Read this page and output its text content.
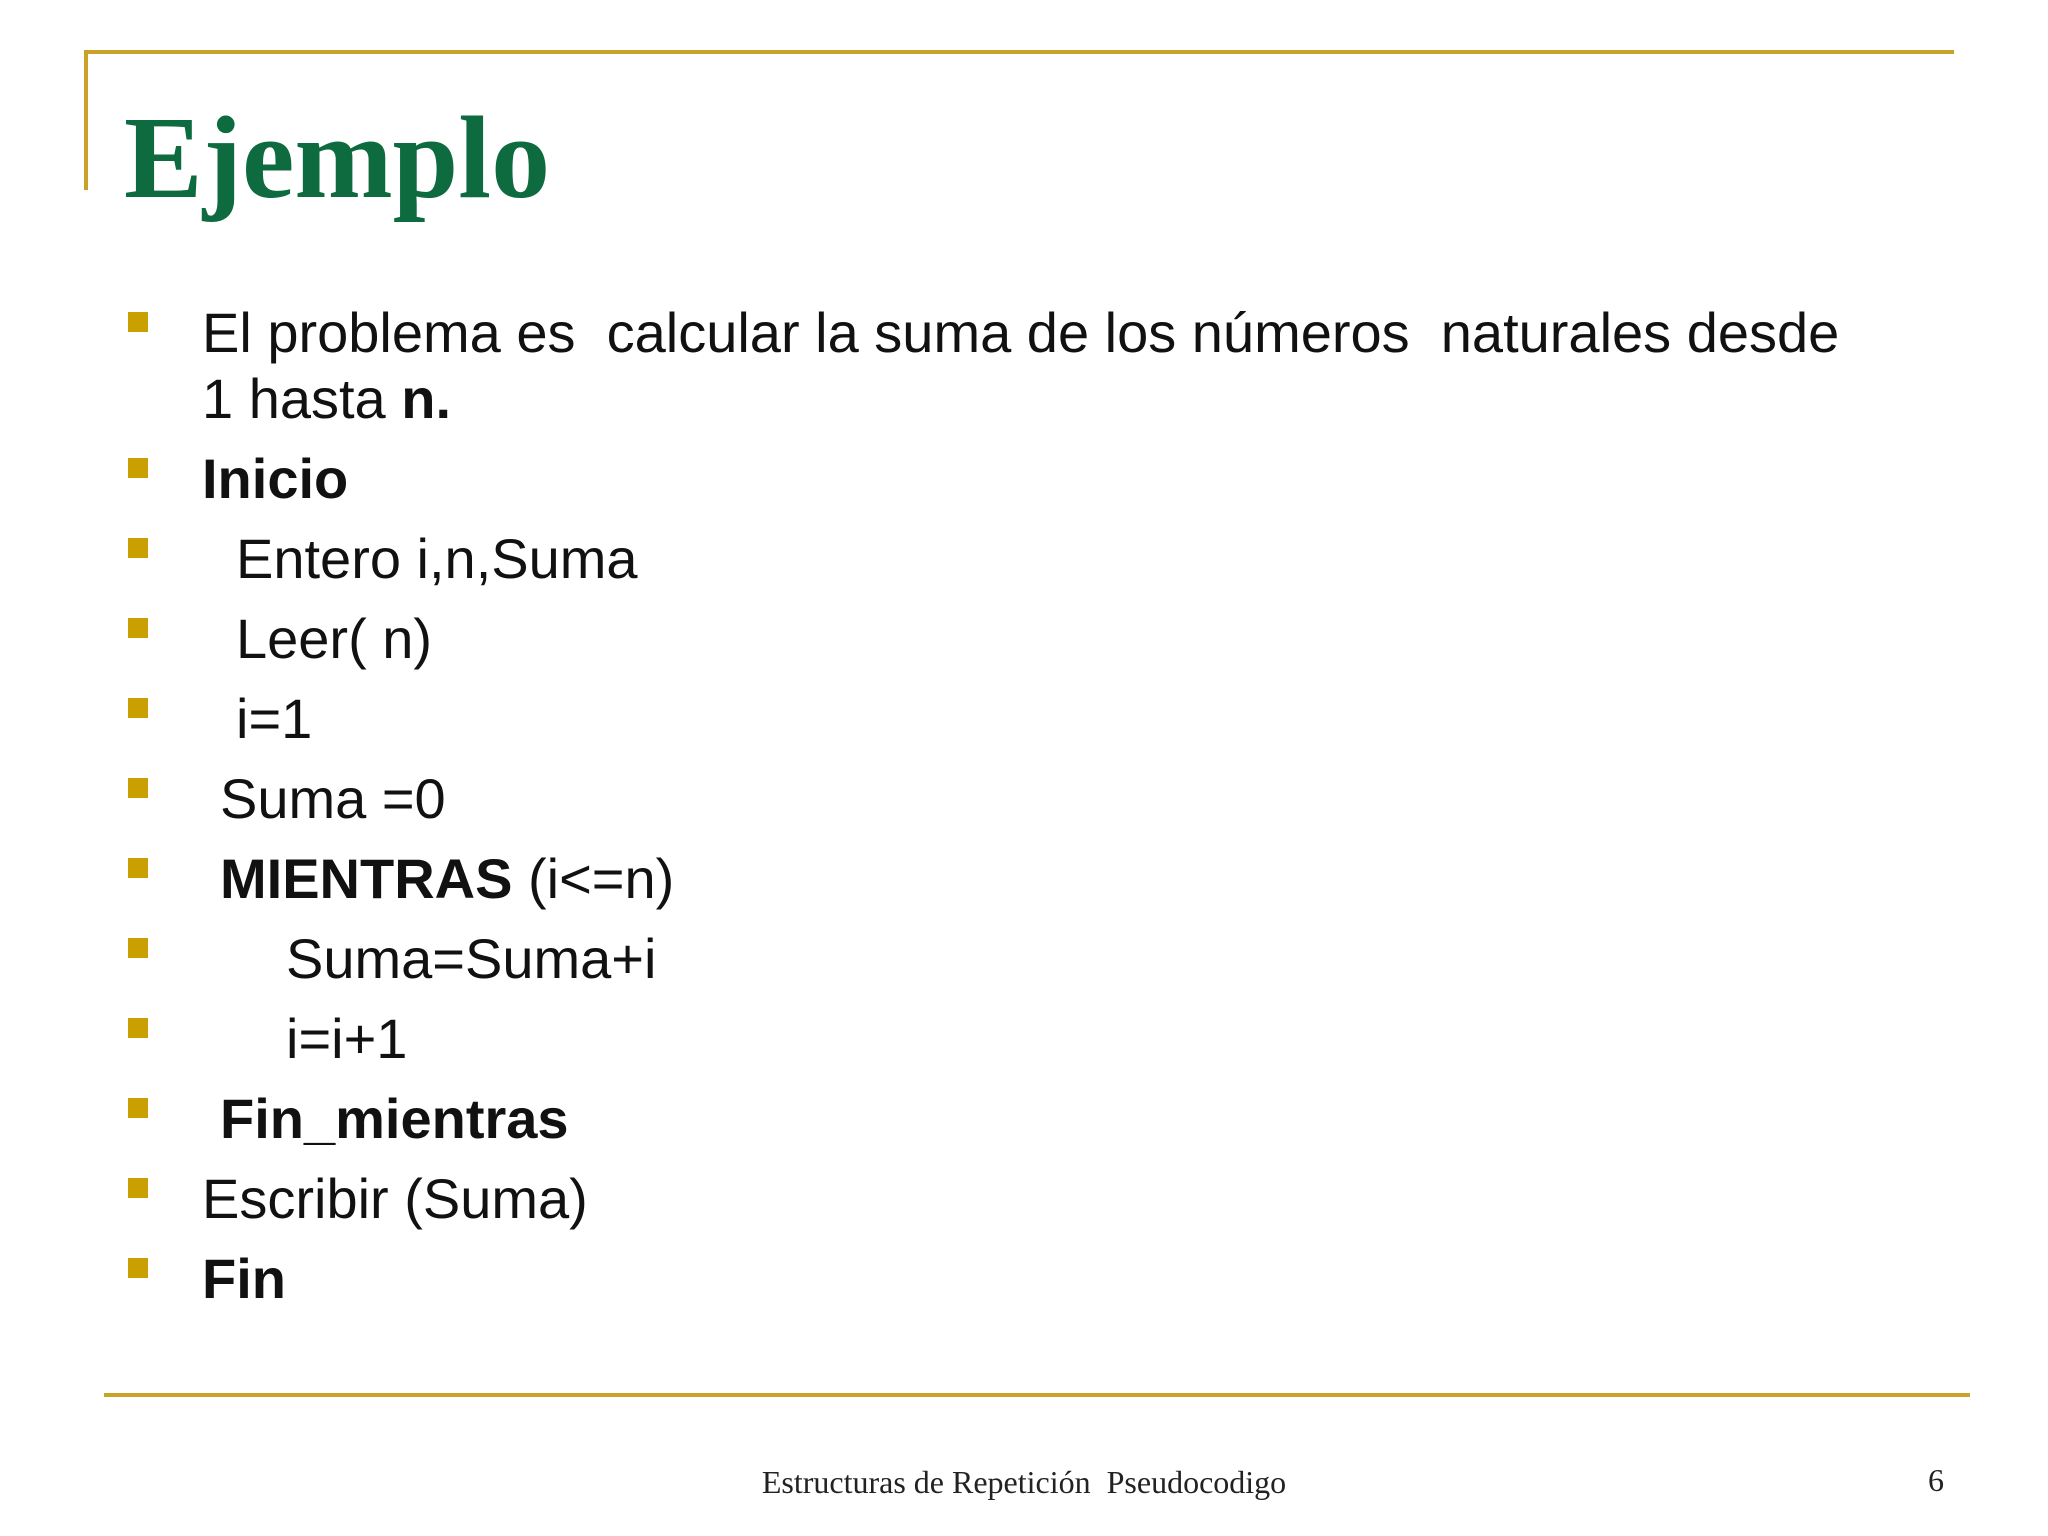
Ejemplo
El problema es  calcular la suma de los números  naturales desde 1 hasta n.
Inicio
Entero i,n,Suma
Leer( n)
i=1
Suma =0
MIENTRAS (i<=n)
Suma=Suma+i
i=i+1
Fin_mientras
Escribir (Suma)
Fin
Estructuras de Repetición  Pseudocodigo	6
